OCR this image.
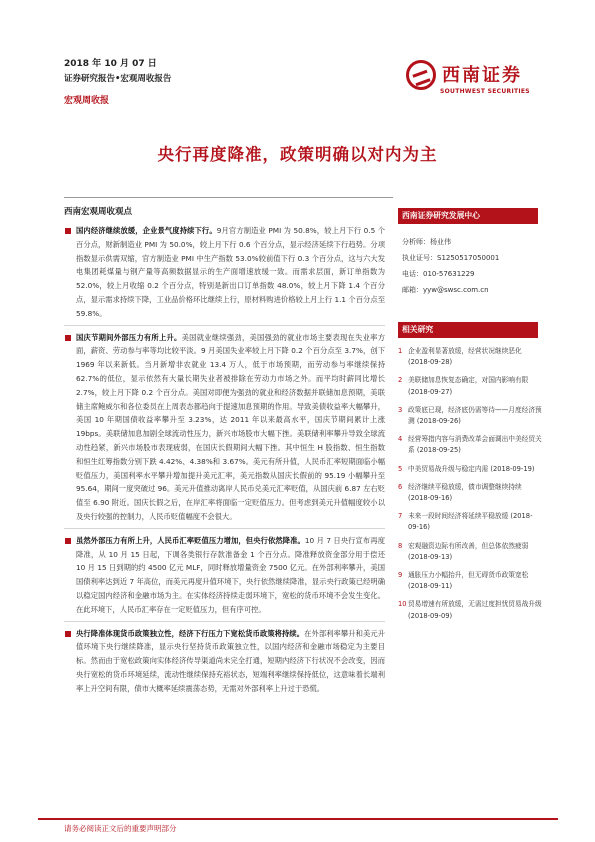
2018 年 10 月 07 日
证券研究报告•宏观周收报告
宏观周收报
西南证券
SOUTHWEST SECURITIES
央行再度降准，政策明确以对内为主
西南宏观周收观点
国内经济继续放缓，企业景气度持续下行。9月官方制造业 PMI 为 50.8%，较上月下行 0.5 个百分点，财新制造业 PMI 为 50.0%，较上月下行 0.6 个百分点，显示经济延续下行趋势。分项指数显示供需双缩，官方制造业 PMI 中生产指数 53.0%较前值下行 0.3 个百分点，这与六大发电集团耗煤量与钢产量等高频数据显示的生产面增速放缓一致。而需求层面，新订单指数为 52.0%，较上月收缩 0.2 个百分点，特别是新出口订单指数 48.0%，较上月下降 1.4 个百分点，显示需求持续下降，工业品价格环比继续上行，原材料购进价格较上月上行 1.1 个百分点至 59.8%。
国庆节期间外部压力有所上升。美国就业继续强劲，美国强劲的就业市场主要表现在失业率方面，薪资、劳动参与率等均比较平淡。9 月美国失业率较上月下降 0.2 个百分点至 3.7%，创下 1969 年以来新低。当月新增非农就业 13.4 万人，低于市场预期，而劳动参与率继续保持 62.7%的低位，显示依然有大量长期失业者被排除在劳动力市场之外。而平均时薪同比增长 2.7%，较上月下降 0.2 个百分点。美国对即便为强劲的就业和经济数据并联储加息预期，美联储主席鲍威尔和各位委员在上周表态都趋向于提速加息预期的作用。导致美债收益率大幅攀升，美国 10 年期国债收益率攀升至 3.23%，达 2011 年以来最高水平，国庆节期间累计上涨 19bps。美联储加息加剧全球流动性压力，新兴市场股市大幅下挫。美联储利率攀升导致全球流动性趋紧，新兴市场股市表现疲弱，在国庆长假期间大幅下挫。其中恒生 H 股指数、恒生指数和恒生红筹指数分别下跌 4.42%、4.38%和 3.67%。美元有所升值，人民币汇率短期面临小幅贬值压力，美国利率水平攀升增加提升美元汇率，美元指数从国庆长假前的 95.19 小幅攀升至 95.64，期间一度突破过 96。美元升值推动离岸人民币兑美元汇率贬值，从国庆前 6.87 左右贬值至 6.90 附近。国庆长假之后，在岸汇率将面临一定贬值压力。但考虑到美元升值幅度较小以及央行较强的控制力，人民币贬值幅度不会很大。
虽然外部压力有所上升，人民币汇率贬值压力增加，但央行依然降准。10 月 7 日央行宣布再度降准，从 10 月 15 日起，下调各类银行存款准备金 1 个百分点。降准释放资金部分用于偿还 10 月 15 日到期的约 4500 亿元 MLF，同时释放增量资金 7500 亿元。在外部利率攀升，美国国债利率达到近 7 年高位，而美元再度升值环境下，央行依然继续降准，显示央行政策已经明确以稳定国内经济和金融市场为主。在实体经济持续走弱环境下，宽松的货币环境不会发生变化。在此环境下，人民币汇率存在一定贬值压力，但有序可控。
央行降准体现货币政策独立性，经济下行压力下宽松货币政策将持续。在外部利率攀升和美元升值环境下央行继续降准，显示央行坚持货币政策独立性，以国内经济和金融市场稳定为主要目标。然而由于宽松政策向实体经济传导渠道尚未完全打通，短期内经济下行状况不会改变，因而央行宽松的货币环境延续，流动性继续保持充裕状态，短端利率继续保持低位，这意味着长端利率上升空间有限，债市大概率延续震荡态势，无需对外部利率上升过于恐慌。
西南证券研究发展中心
分析师：杨业伟
执业证号：S1250517050001
电话：010-57631229
邮箱：yyw@swsc.com.cn
相关研究
1 企业盈利显著放缓，经营状况继续恶化 (2018-09-28)
2 美联储加息恢复态确定，对国内影响有限 (2018-09-27)
3 政策底已现，经济底仍需等待——月度经济预测 (2018-09-26)
4 经营筹措内容与消费改革会面调出中美经贸关系 (2018-09-25)
5 中美贸易战升级与稳定内需 (2018-09-19)
6 经济继续平稳放缓，债市调整继续持续 (2018-09-16)
7 未来一段时间经济将延续平稳放缓 (2018-09-16)
8 宏观融资边际有所改善，但总体依然疲弱 (2018-09-13)
9 通胀压力小幅抬升，但无碍货币政策宽松 (2018-09-11)
10 贸易增速有所放缓，无需过度担忧贸易战升级 (2018-09-09)
请务必阅读正文后的重要声明部分
